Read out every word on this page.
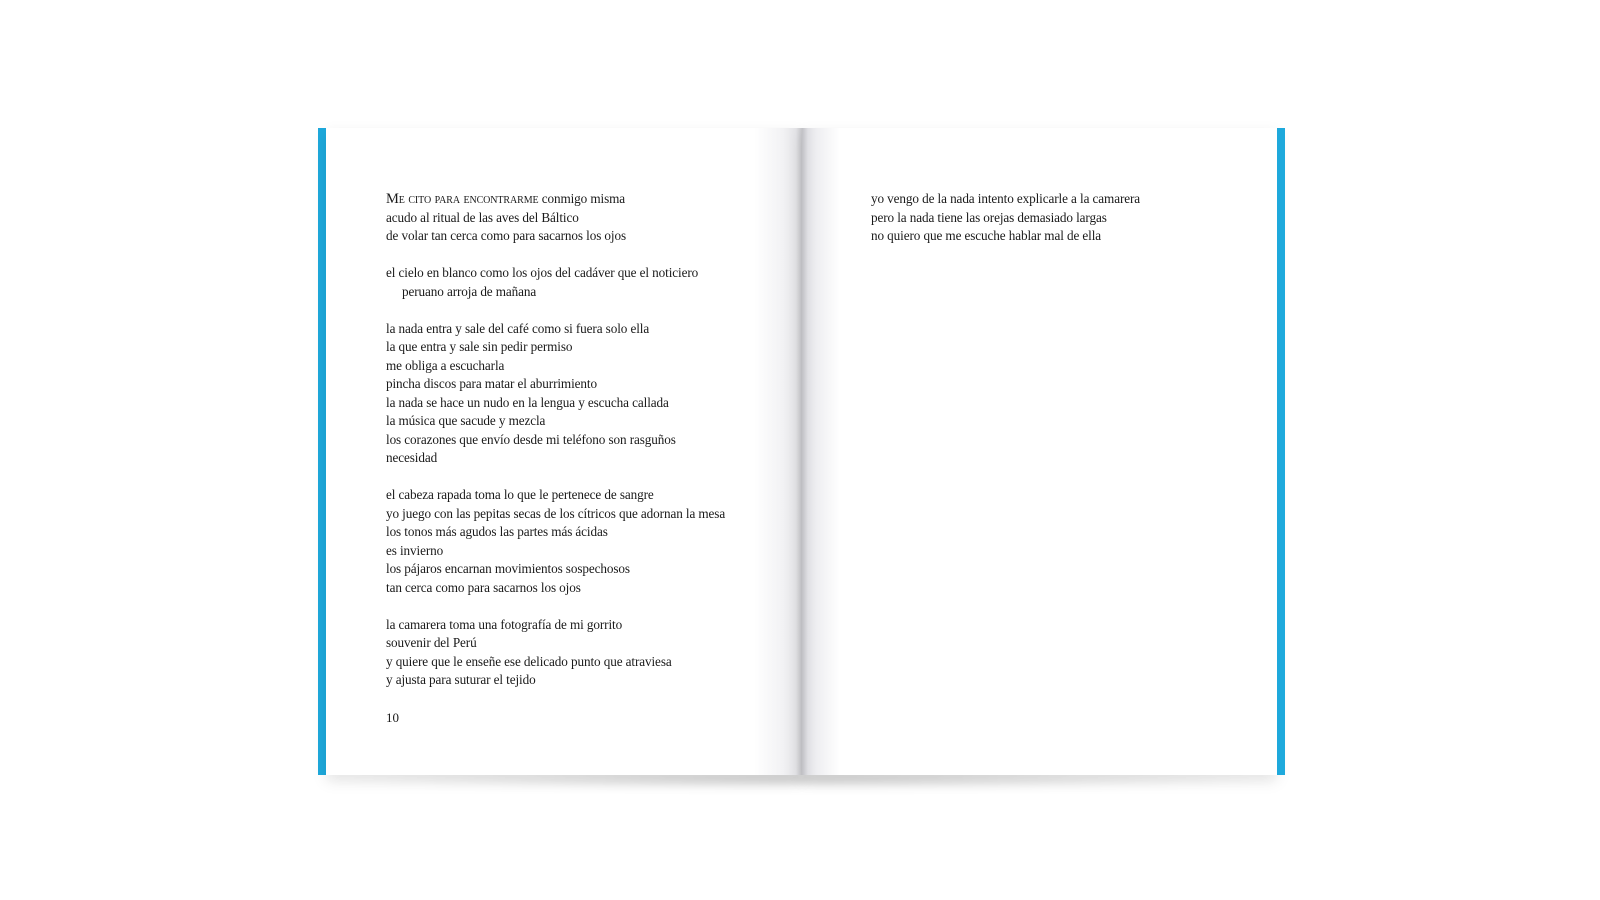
Me cito para encontrarme conmigo misma
acudo al ritual de las aves del Báltico
de volar tan cerca como para sacarnos los ojos
el cielo en blanco como los ojos del cadáver que el noticiero
peruano arroja de mañana
la nada entra y sale del café como si fuera solo ella
la que entra y sale sin pedir permiso
me obliga a escucharla
pincha discos para matar el aburrimiento
la nada se hace un nudo en la lengua y escucha callada
la música que sacude y mezcla
los corazones que envío desde mi teléfono son rasguños
necesidad
el cabeza rapada toma lo que le pertenece de sangre
yo juego con las pepitas secas de los cítricos que adornan la mesa
los tonos más agudos las partes más ácidas
es invierno
los pájaros encarnan movimientos sospechosos
tan cerca como para sacarnos los ojos
la camarera toma una fotografía de mi gorrito
souvenir del Perú
y quiere que le enseñe ese delicado punto que atraviesa
y ajusta para suturar el tejido
10
yo vengo de la nada intento explicarle a la camarera
pero la nada tiene las orejas demasiado largas
no quiero que me escuche hablar mal de ella
